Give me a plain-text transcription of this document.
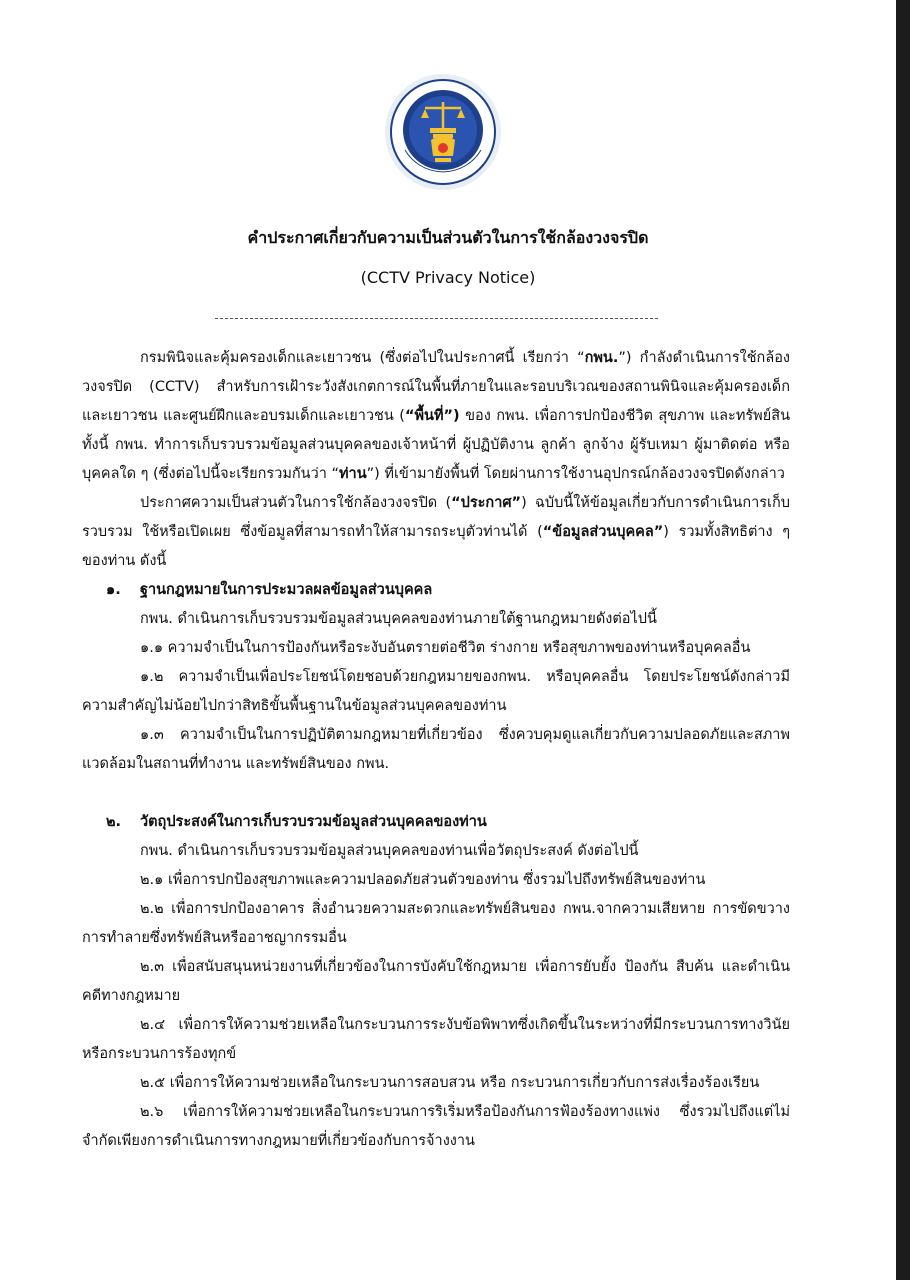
คำประกาศเกี่ยวกับความเป็นส่วนตัวในการใช้กล้องวงจรปิด
(CCTV Privacy Notice)

กรมพินิจและคุ้มครองเด็กและเยาวชน (ซึ่งต่อไปในประกาศนี้ เรียกว่า “กพน.”) กำลังดำเนินการใช้กล้องวงจรปิด (CCTV) สำหรับการเฝ้าระวังสังเกตการณ์ในพื้นที่ภายในและรอบบริเวณของสถานพินิจและคุ้มครองเด็กและเยาวชน และศูนย์ฝึกและอบรมเด็กและเยาวชน (“พื้นที่”) ของ กพน. เพื่อการปกป้องชีวิต สุขภาพ และทรัพย์สิน ทั้งนี้ กพน. ทำการเก็บรวบรวมข้อมูลส่วนบุคคลของเจ้าหน้าที่ ผู้ปฏิบัติงาน ลูกค้า ลูกจ้าง ผู้รับเหมา ผู้มาติดต่อ หรือ บุคคลใด ๆ (ซึ่งต่อไปนี้จะเรียกรวมกันว่า “ท่าน”) ที่เข้ามายังพื้นที่ โดยผ่านการใช้งานอุปกรณ์กล้องวงจรปิดดังกล่าว

ประกาศความเป็นส่วนตัวในการใช้กล้องวงจรปิด (“ประกาศ”) ฉบับนี้ให้ข้อมูลเกี่ยวกับการดำเนินการเก็บรวบรวม ใช้หรือเปิดเผย ซึ่งข้อมูลที่สามารถทำให้สามารถระบุตัวท่านได้ (“ข้อมูลส่วนบุคคล”) รวมทั้งสิทธิต่าง ๆ ของท่าน ดังนี้

๑. ฐานกฎหมายในการประมวลผลข้อมูลส่วนบุคคล

กพน. ดำเนินการเก็บรวบรวมข้อมูลส่วนบุคคลของท่านภายใต้ฐานกฎหมายดังต่อไปนี้

๑.๑ ความจำเป็นในการป้องกันหรือระงับอันตรายต่อชีวิต ร่างกาย หรือสุขภาพของท่านหรือบุคคลอื่น

๑.๒ ความจำเป็นเพื่อประโยชน์โดยชอบด้วยกฎหมายของกพน. หรือบุคคลอื่น โดยประโยชน์ดังกล่าวมีความสำคัญไม่น้อยไปกว่าสิทธิขั้นพื้นฐานในข้อมูลส่วนบุคคลของท่าน

๑.๓ ความจำเป็นในการปฏิบัติตามกฎหมายที่เกี่ยวข้อง ซึ่งควบคุมดูแลเกี่ยวกับความปลอดภัยและสภาพแวดล้อมในสถานที่ทำงาน และทรัพย์สินของ กพน.

๒. วัตถุประสงค์ในการเก็บรวบรวมข้อมูลส่วนบุคคลของท่าน

กพน. ดำเนินการเก็บรวบรวมข้อมูลส่วนบุคคลของท่านเพื่อวัตถุประสงค์ ดังต่อไปนี้

๒.๑ เพื่อการปกป้องสุขภาพและความปลอดภัยส่วนตัวของท่าน ซึ่งรวมไปถึงทรัพย์สินของท่าน

๒.๒ เพื่อการปกป้องอาคาร สิ่งอำนวยความสะดวกและทรัพย์สินของ กพน.จากความเสียหาย การขัดขวาง การทำลายซึ่งทรัพย์สินหรืออาชญากรรมอื่น

๒.๓ เพื่อสนับสนุนหน่วยงานที่เกี่ยวข้องในการบังคับใช้กฎหมาย เพื่อการยับยั้ง ป้องกัน สืบค้น และดำเนินคดีทางกฎหมาย

๒.๔ เพื่อการให้ความช่วยเหลือในกระบวนการระงับข้อพิพาทซึ่งเกิดขึ้นในระหว่างที่มีกระบวนการทางวินัยหรือกระบวนการร้องทุกข์

๒.๕ เพื่อการให้ความช่วยเหลือในกระบวนการสอบสวน หรือ กระบวนการเกี่ยวกับการส่งเรื่องร้องเรียน

๒.๖ เพื่อการให้ความช่วยเหลือในกระบวนการริเริ่มหรือป้องกันการฟ้องร้องทางแพ่ง ซึ่งรวมไปถึงแต่ไม่จำกัดเพียงการดำเนินการทางกฎหมายที่เกี่ยวข้องกับการจ้างงาน
